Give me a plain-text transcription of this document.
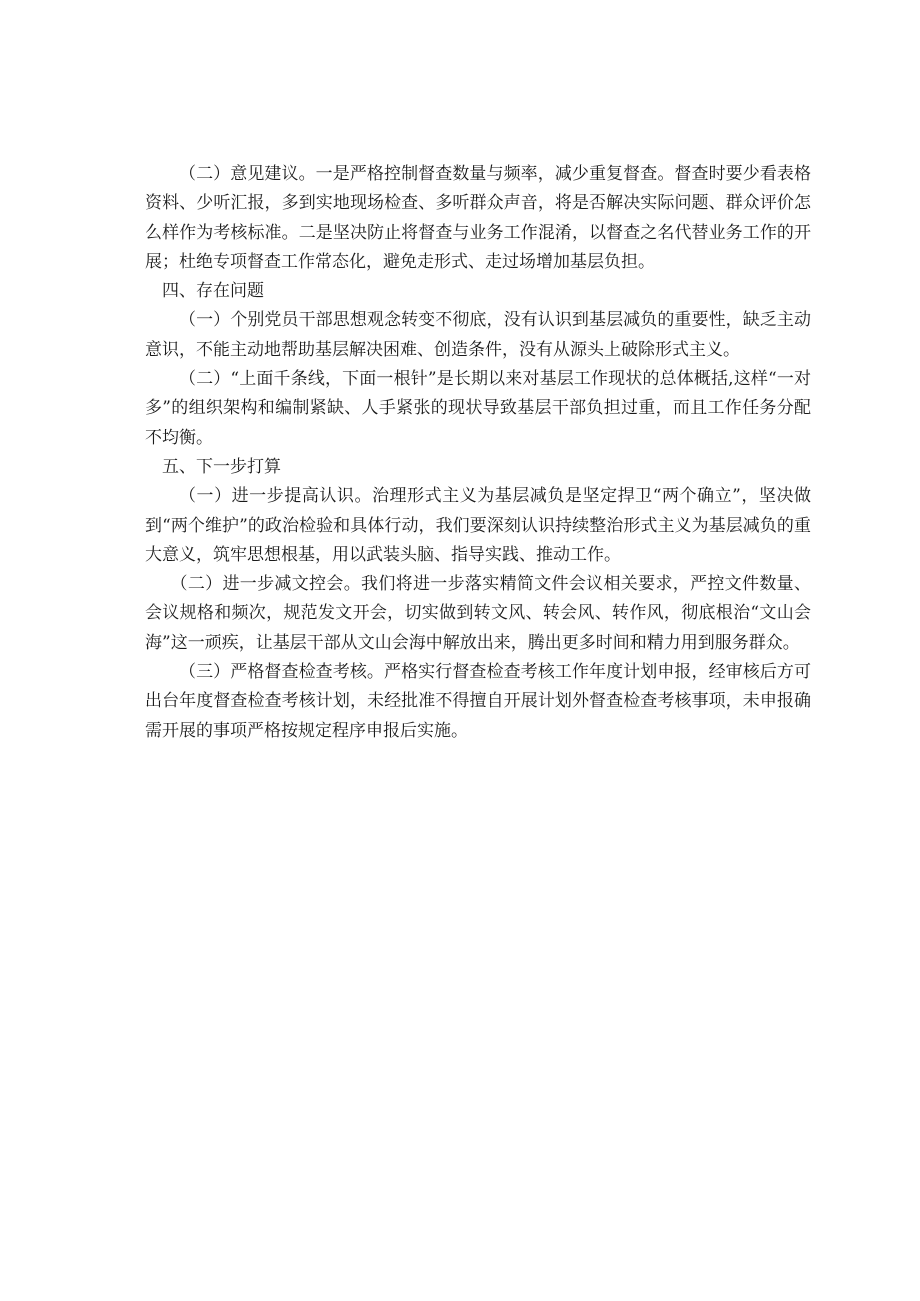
（二）意见建议。一是严格控制督查数量与频率，减少重复督查。督查时要少看表格资料、少听汇报，多到实地现场检查、多听群众声音，将是否解决实际问题、群众评价怎么样作为考核标准。二是坚决防止将督查与业务工作混淆，以督查之名代替业务工作的开展；杜绝专项督查工作常态化，避免走形式、走过场增加基层负担。

四、存在问题

（一）个别党员干部思想观念转变不彻底，没有认识到基层减负的重要性，缺乏主动意识，不能主动地帮助基层解决困难、创造条件，没有从源头上破除形式主义。

（二）“上面千条线，下面一根针”是长期以来对基层工作现状的总体概括,这样“一对多”的组织架构和编制紧缺、人手紧张的现状导致基层干部负担过重，而且工作任务分配不均衡。

五、下一步打算

（一）进一步提高认识。治理形式主义为基层减负是坚定捍卫“两个确立”，坚决做到“两个维护”的政治检验和具体行动，我们要深刻认识持续整治形式主义为基层减负的重大意义，筑牢思想根基，用以武装头脑、指导实践、推动工作。

（二）进一步减文控会。我们将进一步落实精简文件会议相关要求，严控文件数量、会议规格和频次，规范发文开会，切实做到转文风、转会风、转作风，彻底根治“文山会海”这一顽疾，让基层干部从文山会海中解放出来，腾出更多时间和精力用到服务群众。

（三）严格督查检查考核。严格实行督查检查考核工作年度计划申报，经审核后方可出台年度督查检查考核计划，未经批准不得擅自开展计划外督查检查考核事项，未申报确需开展的事项严格按规定程序申报后实施。
